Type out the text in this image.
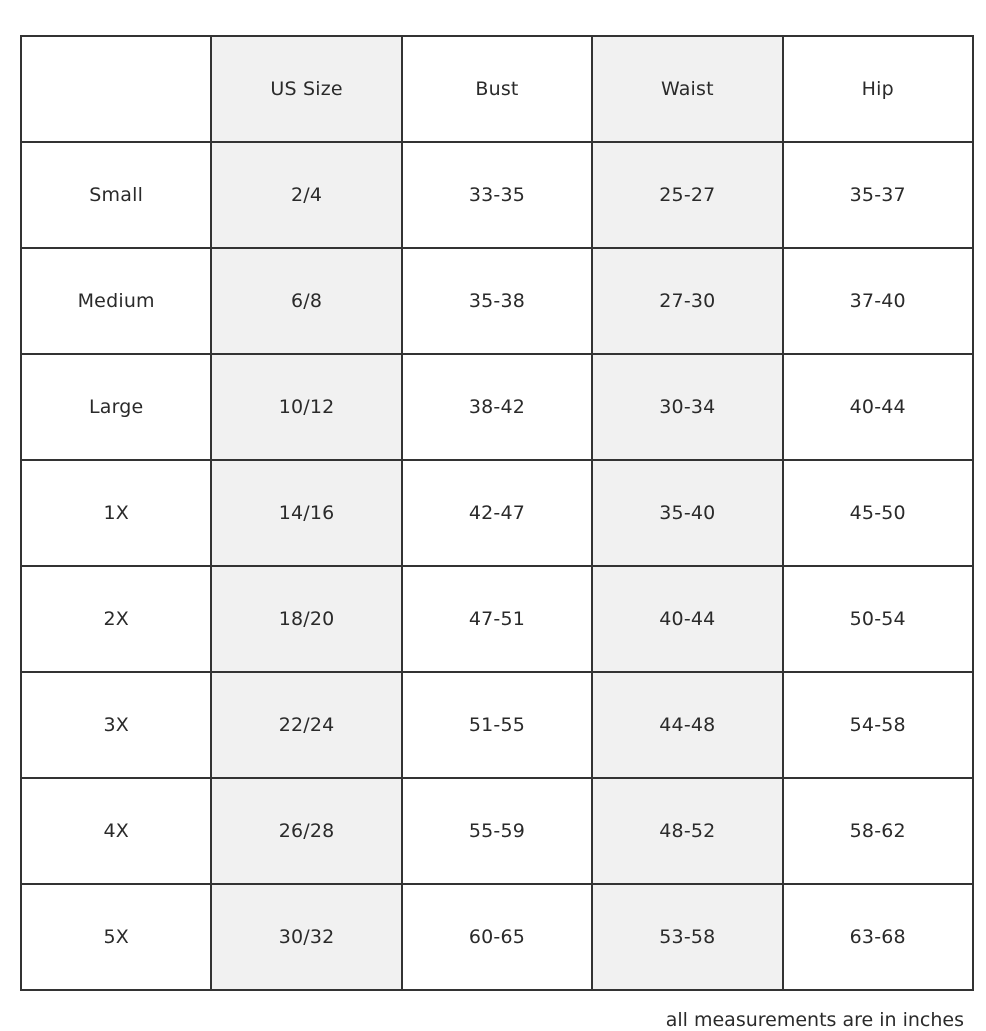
	US Size	Bust	Waist	Hip
Small	2/4	33-35	25-27	35-37
Medium	6/8	35-38	27-30	37-40
Large	10/12	38-42	30-34	40-44
1X	14/16	42-47	35-40	45-50
2X	18/20	47-51	40-44	50-54
3X	22/24	51-55	44-48	54-58
4X	26/28	55-59	48-52	58-62
5X	30/32	60-65	53-58	63-68
all measurements are in inches
